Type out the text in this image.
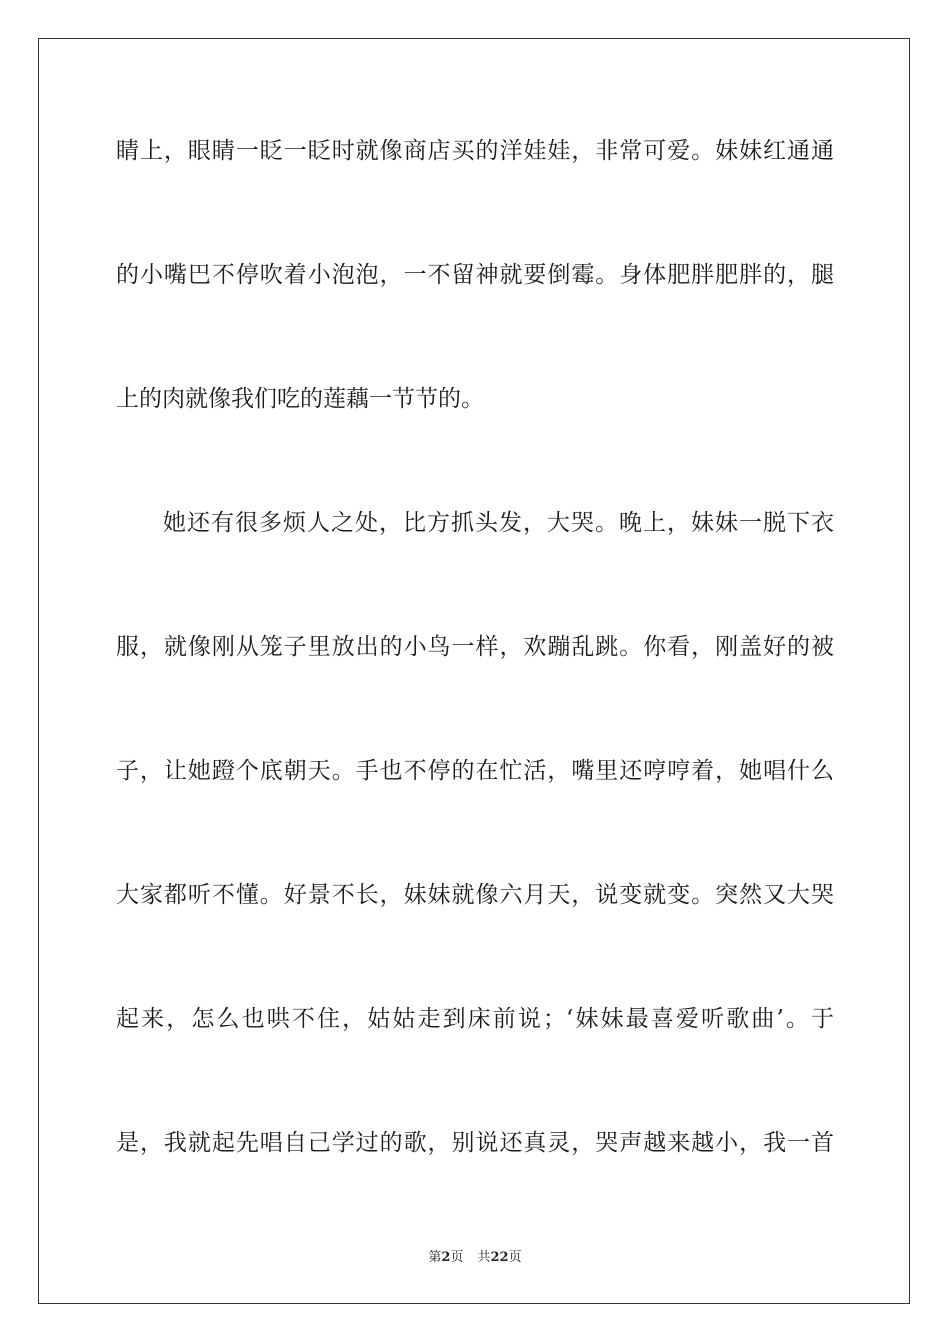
睛上，眼睛一眨一眨时就像商店买的洋娃娃，非常可爱。妹妹红通通
的小嘴巴不停吹着小泡泡，一不留神就要倒霉。身体肥胖肥胖的，腿
上的肉就像我们吃的莲藕一节节的。
她还有很多烦人之处，比方抓头发，大哭。晚上，妹妹一脱下衣
服，就像刚从笼子里放出的小鸟一样，欢蹦乱跳。你看，刚盖好的被
子，让她蹬个底朝天。手也不停的在忙活，嘴里还哼哼着，她唱什么
大家都听不懂。好景不长，妹妹就像六月天，说变就变。突然又大哭
起来，怎么也哄不住，姑姑走到床前说；‘妹妹最喜爱听歌曲’。于
是，我就起先唱自己学过的歌，别说还真灵，哭声越来越小，我一首
第2页 共22页
